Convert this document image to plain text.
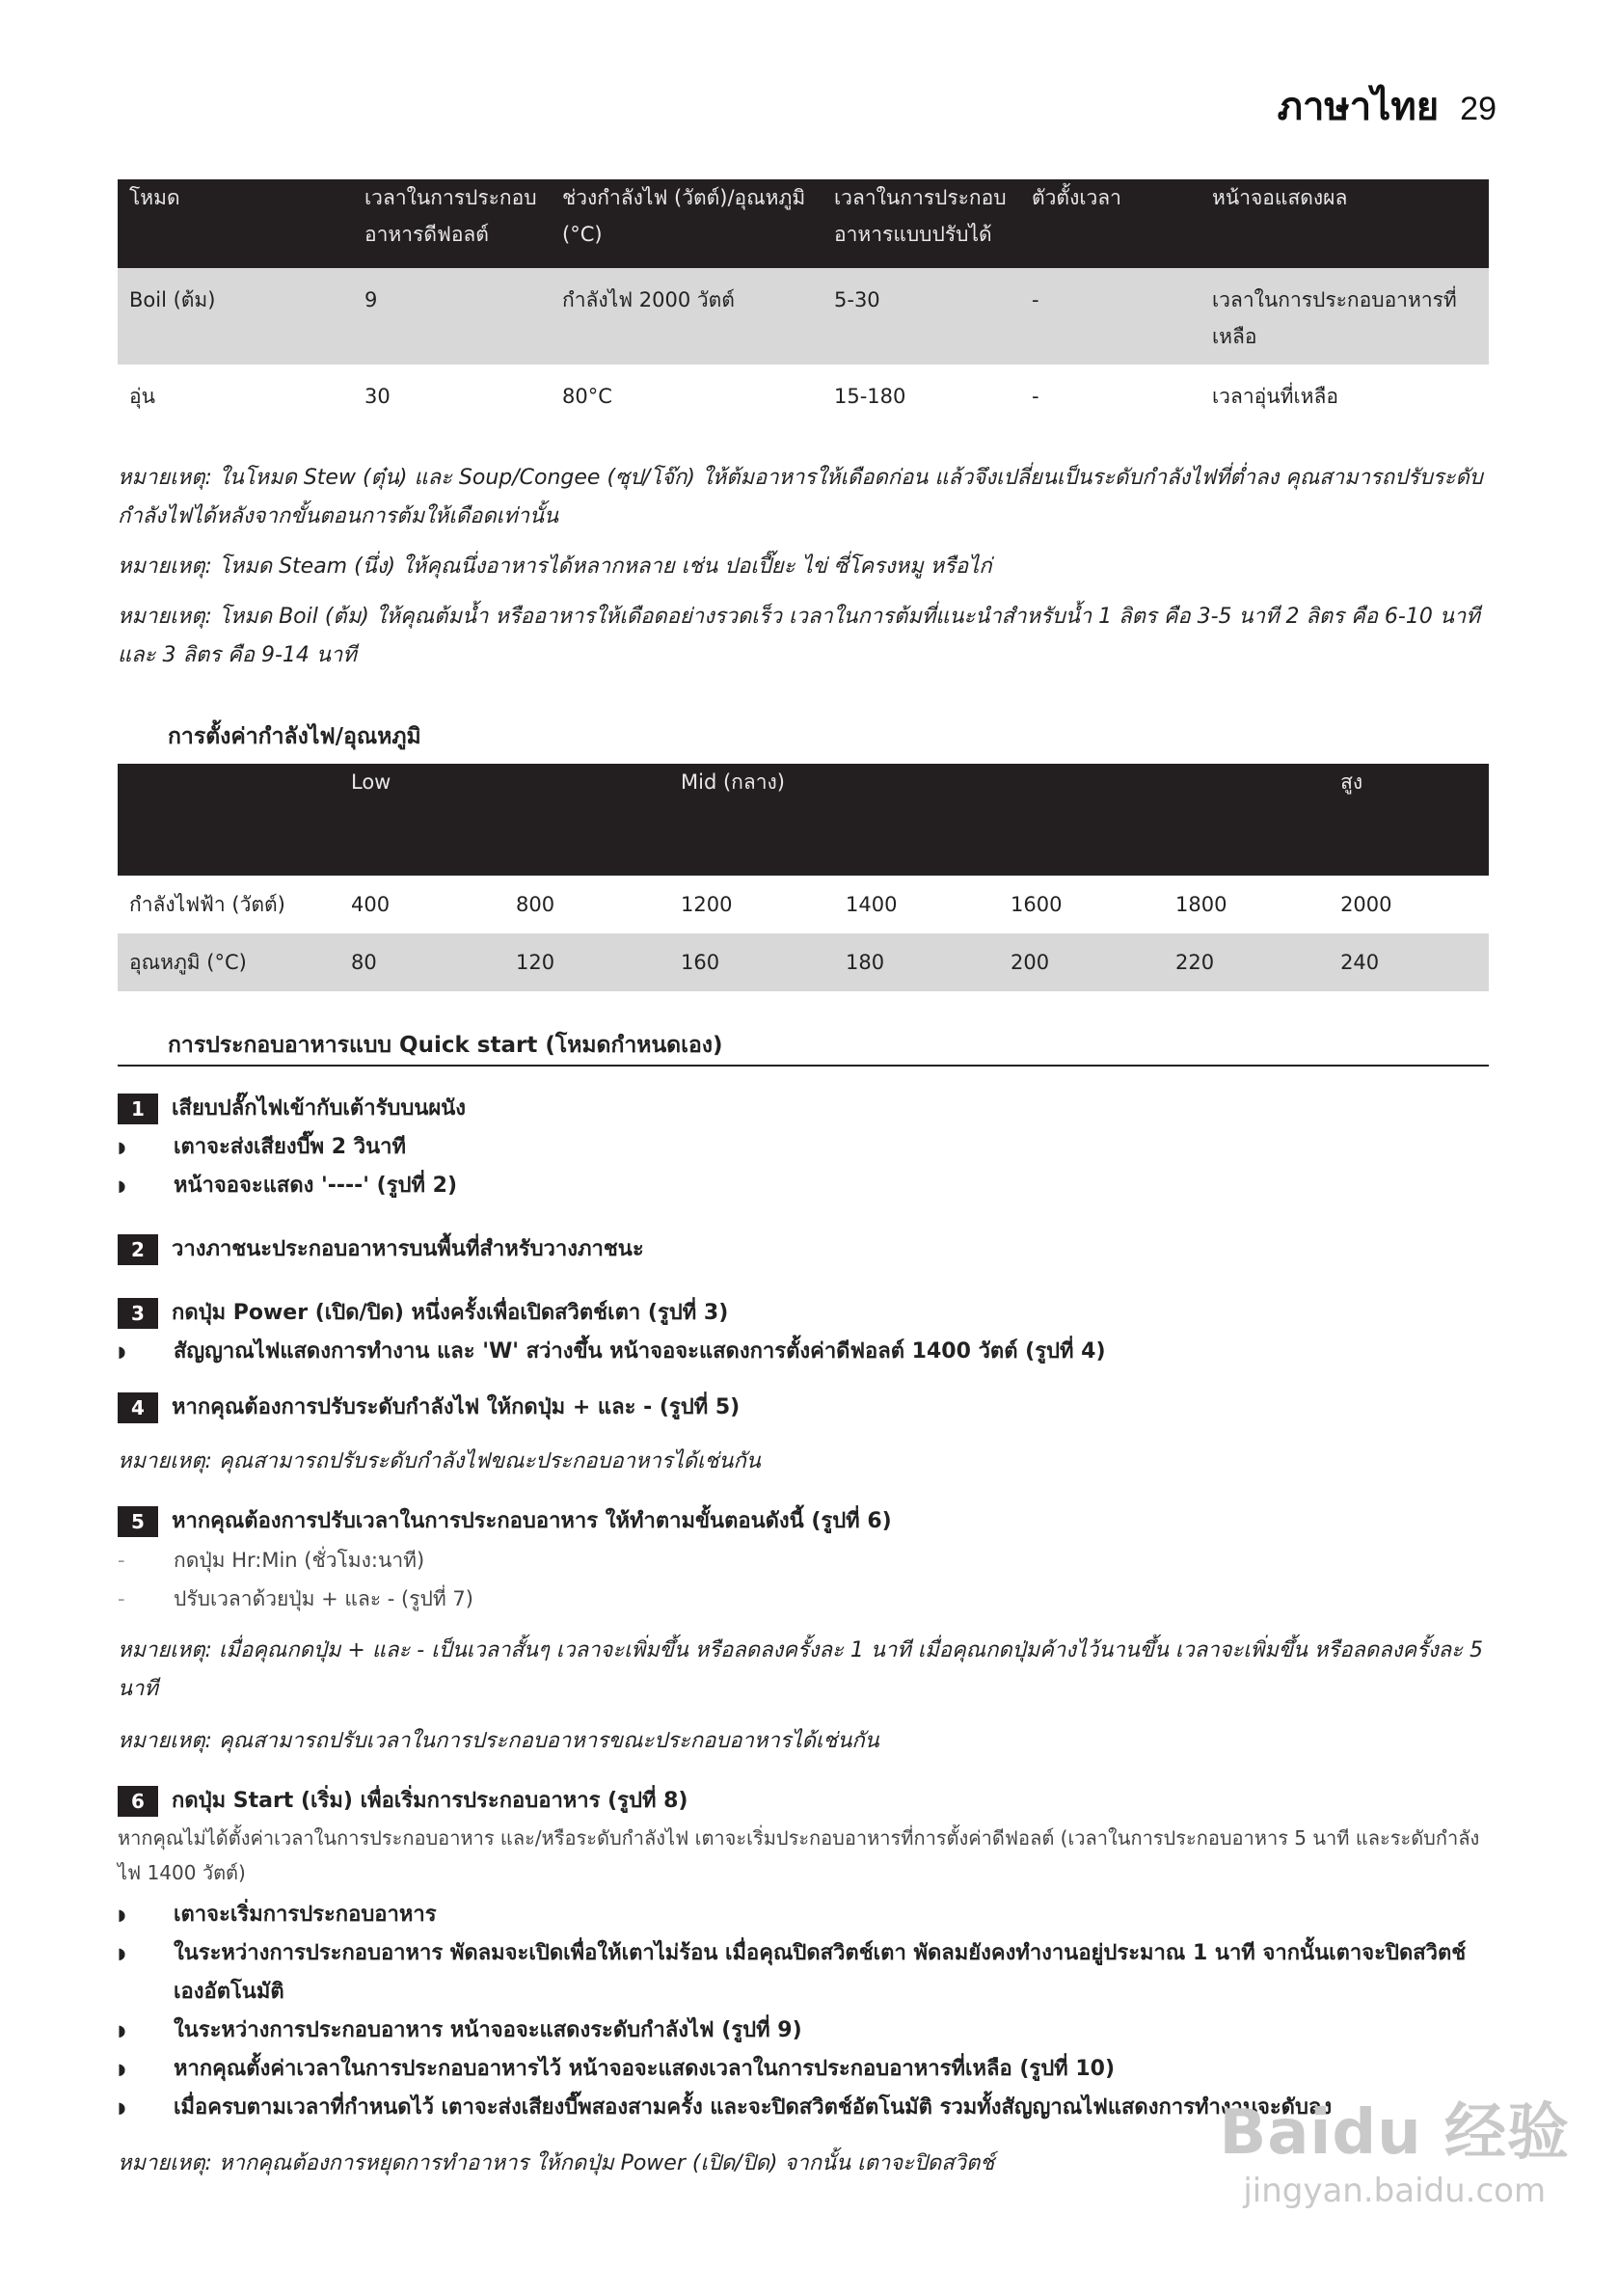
ภาษาไทย 29
โหมด	เวลาในการประกอบอาหารดีฟอลต์	ช่วงกำลังไฟ (วัตต์)/อุณหภูมิ (°C)	เวลาในการประกอบอาหารแบบปรับได้	ตัวตั้งเวลา	หน้าจอแสดงผล
Boil (ต้ม)	9	กำลังไฟ 2000 วัตต์	5-30	-	เวลาในการประกอบอาหารที่เหลือ
อุ่น	30	80°C	15-180	-	เวลาอุ่นที่เหลือ

หมายเหตุ: ในโหมด Stew (ตุ๋น) และ Soup/Congee (ซุป/โจ๊ก) ให้ต้มอาหารให้เดือดก่อน แล้วจึงเปลี่ยนเป็นระดับกำลังไฟที่ต่ำลง คุณสามารถปรับระดับกำลังไฟได้หลังจากขั้นตอนการต้มให้เดือดเท่านั้น

หมายเหตุ: โหมด Steam (นึ่ง) ให้คุณนึ่งอาหารได้หลากหลาย เช่น ปอเปี๊ยะ ไข่ ซี่โครงหมู หรือไก่

หมายเหตุ: โหมด Boil (ต้ม) ให้คุณต้มน้ำ หรืออาหารให้เดือดอย่างรวดเร็ว เวลาในการต้มที่แนะนำสำหรับน้ำ 1 ลิตร คือ 3-5 นาที 2 ลิตร คือ 6-10 นาที และ 3 ลิตร คือ 9-14 นาที

การตั้งค่ากำลังไฟ/อุณหภูมิ

	Low		Mid (กลาง)				สูง
กำลังไฟฟ้า (วัตต์)	400	800	1200	1400	1600	1800	2000
อุณหภูมิ (°C)	80	120	160	180	200	220	240

การประกอบอาหารแบบ Quick start (โหมดกำหนดเอง)

1	เสียบปลั๊กไฟเข้ากับเต้ารับบนผนัง
◗	เตาจะส่งเสียงบี๊พ 2 วินาที
◗	หน้าจอจะแสดง '----' (รูปที่ 2)
2	วางภาชนะประกอบอาหารบนพื้นที่สำหรับวางภาชนะ
3	กดปุ่ม Power (เปิด/ปิด) หนึ่งครั้งเพื่อเปิดสวิตช์เตา (รูปที่ 3)
◗	สัญญาณไฟแสดงการทำงาน และ 'W' สว่างขึ้น หน้าจอจะแสดงการตั้งค่าดีฟอลต์ 1400 วัตต์ (รูปที่ 4)
4	หากคุณต้องการปรับระดับกำลังไฟ ให้กดปุ่ม + และ - (รูปที่ 5)

หมายเหตุ: คุณสามารถปรับระดับกำลังไฟขณะประกอบอาหารได้เช่นกัน

5	หากคุณต้องการปรับเวลาในการประกอบอาหาร ให้ทำตามขั้นตอนดังนี้ (รูปที่ 6)
-	กดปุ่ม Hr:Min (ชั่วโมง:นาที)
-	ปรับเวลาด้วยปุ่ม + และ - (รูปที่ 7)

หมายเหตุ: เมื่อคุณกดปุ่ม + และ - เป็นเวลาสั้นๆ เวลาจะเพิ่มขึ้น หรือลดลงครั้งละ 1 นาที เมื่อคุณกดปุ่มค้างไว้นานขึ้น เวลาจะเพิ่มขึ้น หรือลดลงครั้งละ 5 นาที

หมายเหตุ: คุณสามารถปรับเวลาในการประกอบอาหารขณะประกอบอาหารได้เช่นกัน

6	กดปุ่ม Start (เริ่ม) เพื่อเริ่มการประกอบอาหาร (รูปที่ 8)
หากคุณไม่ได้ตั้งค่าเวลาในการประกอบอาหาร และ/หรือระดับกำลังไฟ เตาจะเริ่มประกอบอาหารที่การตั้งค่าดีฟอลต์ (เวลาในการประกอบอาหาร 5 นาที และระดับกำลังไฟ 1400 วัตต์)
◗	เตาจะเริ่มการประกอบอาหาร
◗	ในระหว่างการประกอบอาหาร พัดลมจะเปิดเพื่อให้เตาไม่ร้อน เมื่อคุณปิดสวิตช์เตา พัดลมยังคงทำงานอยู่ประมาณ 1 นาที จากนั้นเตาจะปิดสวิตช์เองอัตโนมัติ
◗	ในระหว่างการประกอบอาหาร หน้าจอจะแสดงระดับกำลังไฟ (รูปที่ 9)
◗	หากคุณตั้งค่าเวลาในการประกอบอาหารไว้ หน้าจอจะแสดงเวลาในการประกอบอาหารที่เหลือ (รูปที่ 10)
◗	เมื่อครบตามเวลาที่กำหนดไว้ เตาจะส่งเสียงบี๊พสองสามครั้ง และจะปิดสวิตช์อัตโนมัติ รวมทั้งสัญญาณไฟแสดงการทำงานจะดับลง

หมายเหตุ: หากคุณต้องการหยุดการทำอาหาร ให้กดปุ่ม Power (เปิด/ปิด) จากนั้น เตาจะปิดสวิตช์	Baidu 经验
jingyan.baidu.com
